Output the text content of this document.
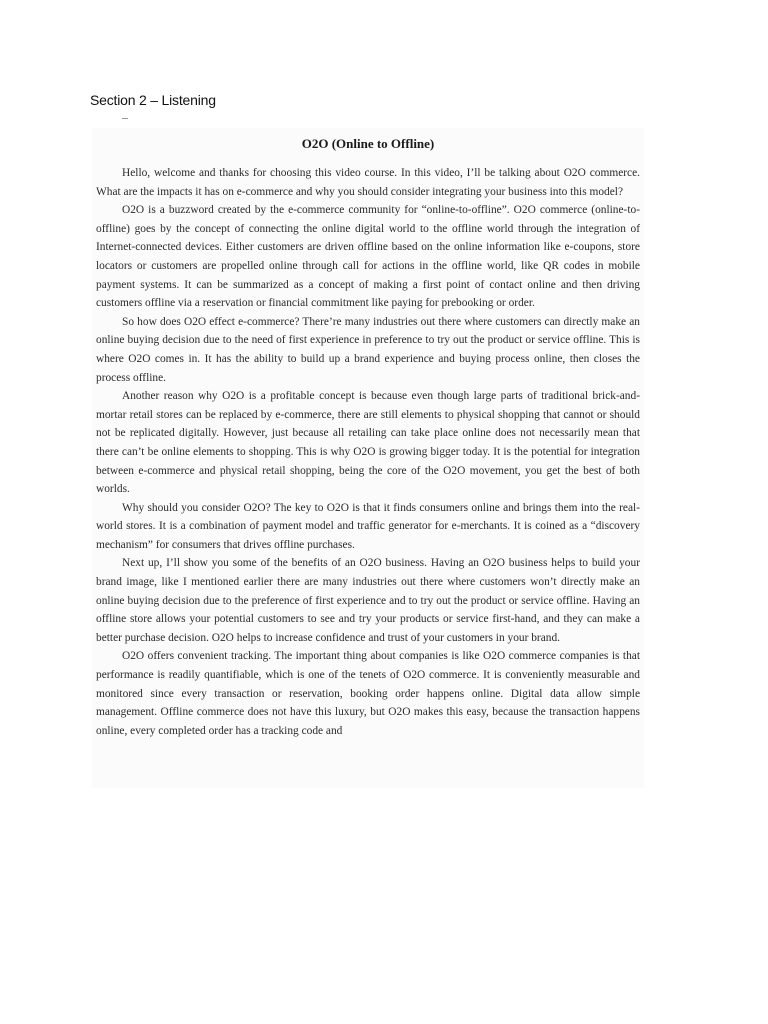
Section 2 – Listening
O2O (Online to Offline)

Hello, welcome and thanks for choosing this video course. In this video, I’ll be talking about O2O commerce. What are the impacts it has on e-commerce and why you should consider integrating your business into this model?

O2O is a buzzword created by the e-commerce community for “online-to-offline”. O2O commerce (online-to-offline) goes by the concept of connecting the online digital world to the offline world through the integration of Internet-connected devices. Either customers are driven offline based on the online information like e-coupons, store locators or customers are propelled online through call for actions in the offline world, like QR codes in mobile payment systems. It can be summarized as a concept of making a first point of contact online and then driving customers offline via a reservation or financial commitment like paying for prebooking or order.

So how does O2O effect e-commerce? There’re many industries out there where customers can directly make an online buying decision due to the need of first experience in preference to try out the product or service offline. This is where O2O comes in. It has the ability to build up a brand experience and buying process online, then closes the process offline.

Another reason why O2O is a profitable concept is because even though large parts of traditional brick-and-mortar retail stores can be replaced by e-commerce, there are still elements to physical shopping that cannot or should not be replicated digitally. However, just because all retailing can take place online does not necessarily mean that there can’t be online elements to shopping. This is why O2O is growing bigger today. It is the potential for integration between e-commerce and physical retail shopping, being the core of the O2O movement, you get the best of both worlds.

Why should you consider O2O? The key to O2O is that it finds consumers online and brings them into the real-world stores. It is a combination of payment model and traffic generator for e-merchants. It is coined as a “discovery mechanism” for consumers that drives offline purchases.

Next up, I’ll show you some of the benefits of an O2O business. Having an O2O business helps to build your brand image, like I mentioned earlier there are many industries out there where customers won’t directly make an online buying decision due to the preference of first experience and to try out the product or service offline. Having an offline store allows your potential customers to see and try your products or service first-hand, and they can make a better purchase decision. O2O helps to increase confidence and trust of your customers in your brand.

O2O offers convenient tracking. The important thing about companies is like O2O commerce companies is that performance is readily quantifiable, which is one of the tenets of O2O commerce. It is conveniently measurable and monitored since every transaction or reservation, booking order happens online. Digital data allow simple management. Offline commerce does not have this luxury, but O2O makes this easy, because the transaction happens online, every completed order has a tracking code and
